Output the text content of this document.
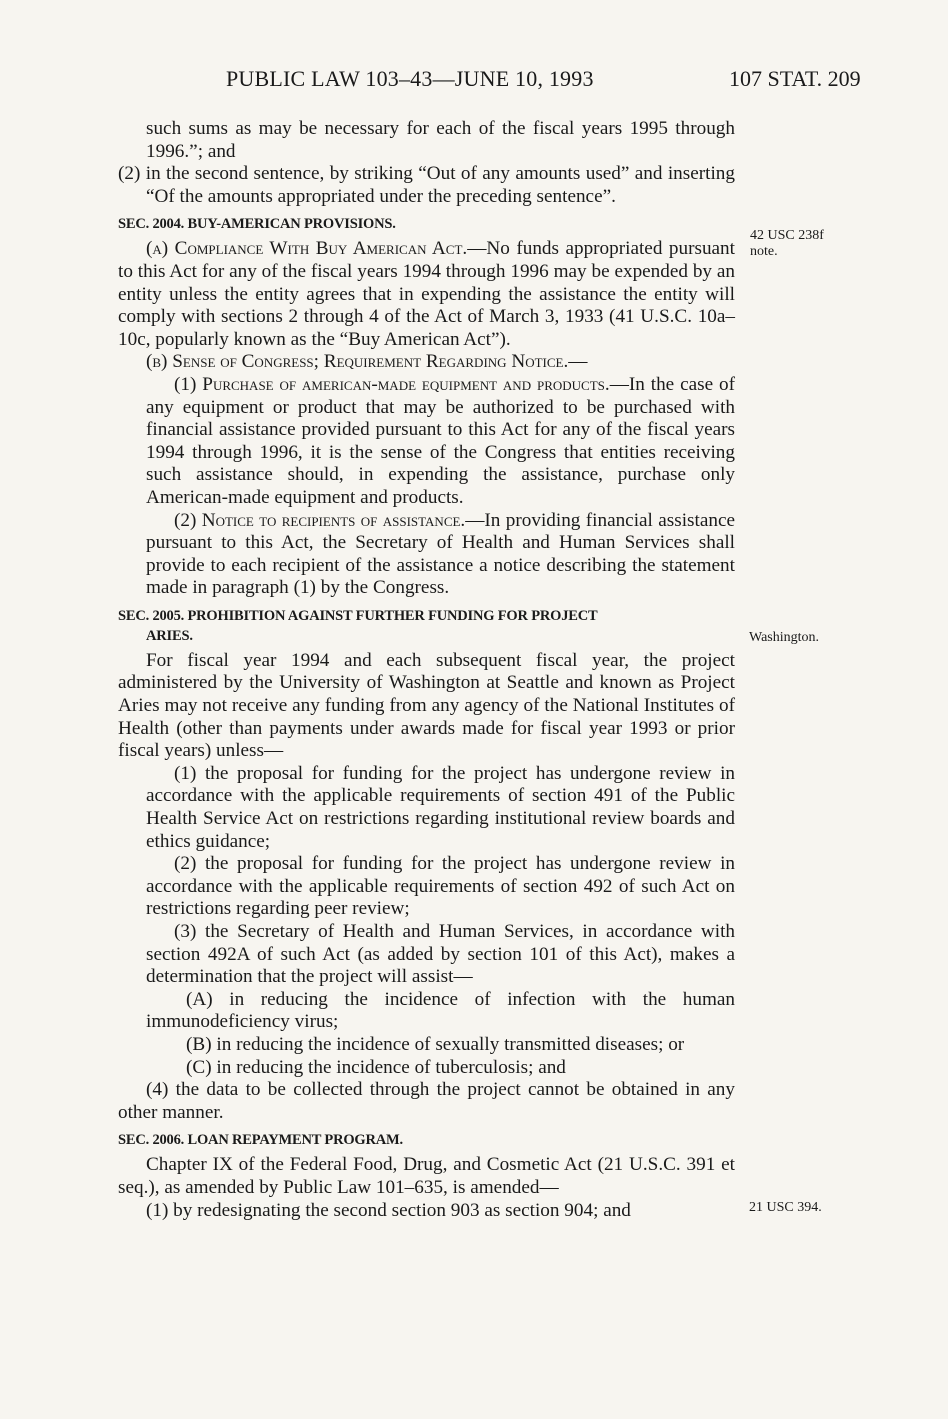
PUBLIC LAW 103–43—JUNE 10, 1993	107 STAT. 209

such sums as may be necessary for each of the fiscal years 1995 through 1996.”; and

(2) in the second sentence, by striking “Out of any amounts used” and inserting “Of the amounts appropriated under the preceding sentence”.

SEC. 2004. BUY-AMERICAN PROVISIONS.

(a) Compliance With Buy American Act.—No funds appropriated pursuant to this Act for any of the fiscal years 1994 through 1996 may be expended by an entity unless the entity agrees that in expending the assistance the entity will comply with sections 2 through 4 of the Act of March 3, 1933 (41 U.S.C. 10a–10c, popularly known as the “Buy American Act”).

(b) Sense of Congress; Requirement Regarding Notice.—

(1) Purchase of american-made equipment and products.—In the case of any equipment or product that may be authorized to be purchased with financial assistance provided pursuant to this Act for any of the fiscal years 1994 through 1996, it is the sense of the Congress that entities receiving such assistance should, in expending the assistance, purchase only American-made equipment and products.

(2) Notice to recipients of assistance.—In providing financial assistance pursuant to this Act, the Secretary of Health and Human Services shall provide to each recipient of the assistance a notice describing the statement made in paragraph (1) by the Congress.

SEC. 2005. PROHIBITION AGAINST FURTHER FUNDING FOR PROJECT
ARIES.

For fiscal year 1994 and each subsequent fiscal year, the project administered by the University of Washington at Seattle and known as Project Aries may not receive any funding from any agency of the National Institutes of Health (other than payments under awards made for fiscal year 1993 or prior fiscal years) unless—

(1) the proposal for funding for the project has undergone review in accordance with the applicable requirements of section 491 of the Public Health Service Act on restrictions regarding institutional review boards and ethics guidance;

(2) the proposal for funding for the project has undergone review in accordance with the applicable requirements of section 492 of such Act on restrictions regarding peer review;

(3) the Secretary of Health and Human Services, in accordance with section 492A of such Act (as added by section 101 of this Act), makes a determination that the project will assist—

(A) in reducing the incidence of infection with the human immunodeficiency virus;

(B) in reducing the incidence of sexually transmitted diseases; or

(C) in reducing the incidence of tuberculosis; and

(4) the data to be collected through the project cannot be obtained in any other manner.

SEC. 2006. LOAN REPAYMENT PROGRAM.

Chapter IX of the Federal Food, Drug, and Cosmetic Act (21 U.S.C. 391 et seq.), as amended by Public Law 101–635, is amended—

(1) by redesignating the second section 903 as section 904; and

42 USC 238f note.
Washington.
21 USC 394.
